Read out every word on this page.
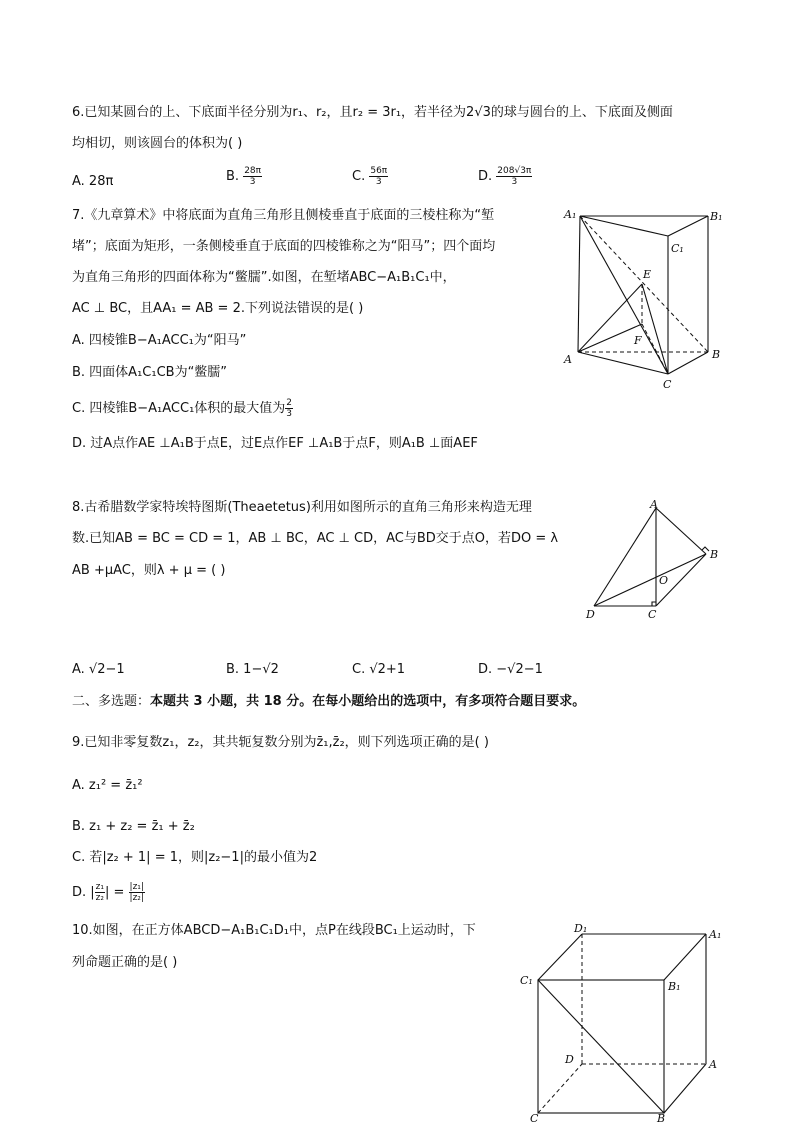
6.已知某圆台的上、下底面半径分别为r₁、r₂，且r₂ = 3r₁，若半径为2√3的球与圆台的上、下底面及侧面
均相切，则该圆台的体积为( )
A. 28π	B. $\frac{28\pi}{3}$	C. $\frac{56\pi}{3}$	D. $\frac{208√3\pi}{3}$
7.《九章算术》中将底面为直角三角形且侧棱垂直于底面的三棱柱称为“堑
堵”；底面为矩形，一条侧棱垂直于底面的四棱锥称之为“阳马”；四个面均
为直角三角形的四面体称为“鳖臑”.如图，在堑堵ABC−A₁B₁C₁中，
AC ⊥ BC，且AA₁ = AB = 2.下列说法错误的是( )
A. 四棱锥B−A₁ACC₁为“阳马”
B. 四面体A₁C₁CB为“鳖臑”
C. 四棱锥B−A₁ACC₁体积的最大值为 $\frac{2}{3}$
D. 过A点作AE ⊥A₁B于点E，过E点作EF ⊥A₁B于点F，则A₁B ⊥面AEF
A₁	B₁
C₁
E
F
A	B
C
8.古希腊数学家特埃特图斯(Theaetetus)利用如图所示的直角三角形来构造无理
数.已知AB = BC = CD = 1，AB ⊥ BC，AC ⊥ CD，AC与BD交于点O，若DO = λ
AB +μAC，则λ + μ = ( )
A
B
O
D	C
A. √2−1	B. 1−√2	C. √2+1	D. −√2−1
二、多选题：本题共 3 小题，共 18 分。在每小题给出的选项中，有多项符合题目要求。
9.已知非零复数z₁，z₂，其共轭复数分别为z̄₁,z̄₂，则下列选项正确的是( )
A. z₁² = z̄₁²
B. z₁ + z₂ = z̄₁ + z̄₂
C. 若|z₂ + 1| = 1，则|z₂−1|的最小值为2
D. | $\frac{\text{z₁}}{\text{z₂}}$ | = $\frac{\text{|z₁|}}{\text{|z₂|}}$
10.如图，在正方体ABCD−A₁B₁C₁D₁中，点P在线段BC₁上运动时，下
列命题正确的是( )
D₁	A₁
C₁	B₁
D	A
C	B
